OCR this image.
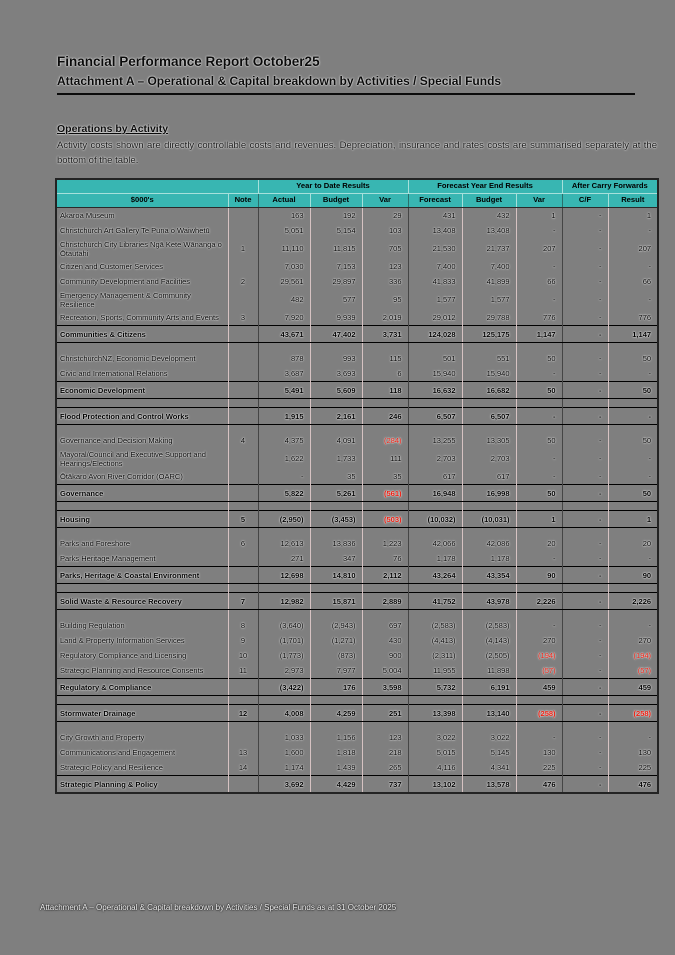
Financial Performance Report October25
Attachment A – Operational & Capital breakdown by Activities / Special Funds
Operations by Activity
Activity costs shown are directly controllable costs and revenues. Depreciation, insurance and rates costs are summarised separately at the bottom of the table.
		Year to Date Results			Forecast Year End Results			After Carry Forwards	
$000's	Note	Actual	Budget	Var	Forecast	Budget	Var	C/F	Result
Akaroa Museum		163	192	29	431	432	1	-	1
Christchurch Art Gallery Te Puna o Waiwhetū		5,051	5,154	103	13,408	13,408	-	-	-
Christchurch City Libraries Ngā Kete Wānanga o Ōtautahi	1	11,110	11,815	705	21,530	21,737	207	-	207
Citizen and Customer Services		7,030	7,153	123	7,400	7,400	-	-	-
Community Development and Facilities	2	29,561	29,897	336	41,833	41,899	66	-	66
Emergency Management & Community Resilience		482	577	95	1,577	1,577	-	-	-
Recreation, Sports, Community Arts and Events	3	7,920	9,939	2,019	29,012	29,788	776	-	776
Communities & Citizens		43,671	47,402	3,731	124,028	125,175	1,147	-	1,147

ChristchurchNZ, Economic Development		878	993	115	501	551	50	-	50
Civic and International Relations		3,687	3,693	6	15,940	15,940	-	-	-
Economic Development		5,491	5,609	118	16,632	16,682	50	-	50

Flood Protection and Control Works		1,915	2,161	246	6,507	6,507	-	-	-

Governance and Decision Making	4	4,375	4,091	(284)	13,255	13,305	50	-	50
Mayoral/Council and Executive Support and Hearings/Elections		1,622	1,733	111	2,703	2,703	-	-	-
Ōtākaro Avon River Corridor (OARC)		-	35	35	617	617	-	-	-
Governance		5,822	5,261	(561)	16,948	16,998	50	-	50

Housing	5	(2,950)	(3,453)	(503)	(10,032)	(10,031)	1	-	1

Parks and Foreshore	6	12,613	13,836	1,223	42,066	42,086	20	-	20
Parks Heritage Management		271	347	76	1,178	1,178	-	-	-
Parks, Heritage & Coastal Environment		12,698	14,810	2,112	43,264	43,354	90	-	90

Solid Waste & Resource Recovery	7	12,982	15,871	2,889	41,752	43,978	2,226	-	2,226

Building Regulation	8	(3,640)	(2,943)	697	(2,583)	(2,583)	-	-	-
Land & Property Information Services	9	(1,701)	(1,271)	430	(4,413)	(4,143)	270	-	270
Regulatory Compliance and Licensing	10	(1,773)	(873)	900	(2,311)	(2,505)	(194)	-	(194)
Strategic Planning and Resource Consents	11	2,973	7,977	5,004	11,955	11,898	(57)	-	(57)
Regulatory & Compliance		(3,422)	176	3,598	5,732	6,191	459	-	459

Stormwater Drainage	12	4,008	4,259	251	13,398	13,140	(258)	-	(258)

City Growth and Property		1,033	1,156	123	3,022	3,022	-	-	-
Communications and Engagement	13	1,600	1,818	218	5,015	5,145	130	-	130
Strategic Policy and Resilience	14	1,174	1,439	265	4,116	4,341	225	-	225
Strategic Planning & Policy		3,692	4,429	737	13,102	13,578	476	-	476
Attachment A – Operational & Capital breakdown by Activities / Special Funds as at 31 October 2025
